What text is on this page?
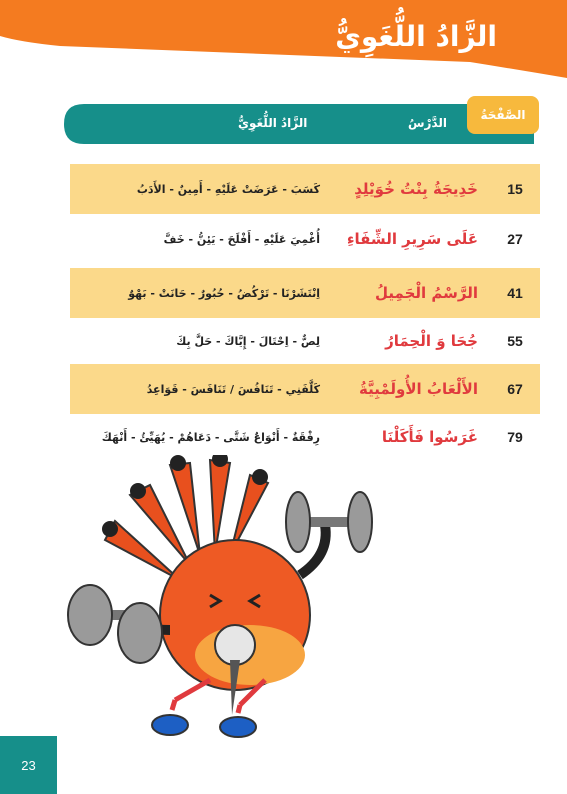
الزَّادُ اللُّغَوِيُّ
الدَّرْسُ
الزَّادُ اللُّغَوِيُّ
الصَّفْحَةُ
15
خَدِيجَةُ بِنْتُ خُوَيْلِدٍ
كَسَبَ - عَرَضَتْ عَلَيْهِ - أَمِينٌ - الأَدَبُ
27
عَلَى سَرِيرِ الشِّفَاءِ
أُغْمِيَ عَلَيْهِ - أَفْلَحَ - يَئِنُّ - خَفَّ
41
الرَّسْمُ الْجَمِيلُ
اِنْتَشَرْنَا - تَرْكُضُ - حُبُورٌ - حَانَتْ - بَهْوٌ
55
جُحَا وَ الْحِمَارُ
لِصٌّ - اِحْتَالَ - إِيَّاكَ - حَلَّ بِكَ
67
الأَلْعَابُ الأُولَمْبِيَّةُ
كَلَّفَنِي - تَنَافُسَ / تَنَافَسَ - قَوَاعِدُ
79
غَرَسُوا فَأَكَلْنَا
رِفْقَةٌ - أَنْوَاعٌ شَتَّى - دَعَاهُمْ - يُهَيِّئُ - أَنْهَكَ
23
